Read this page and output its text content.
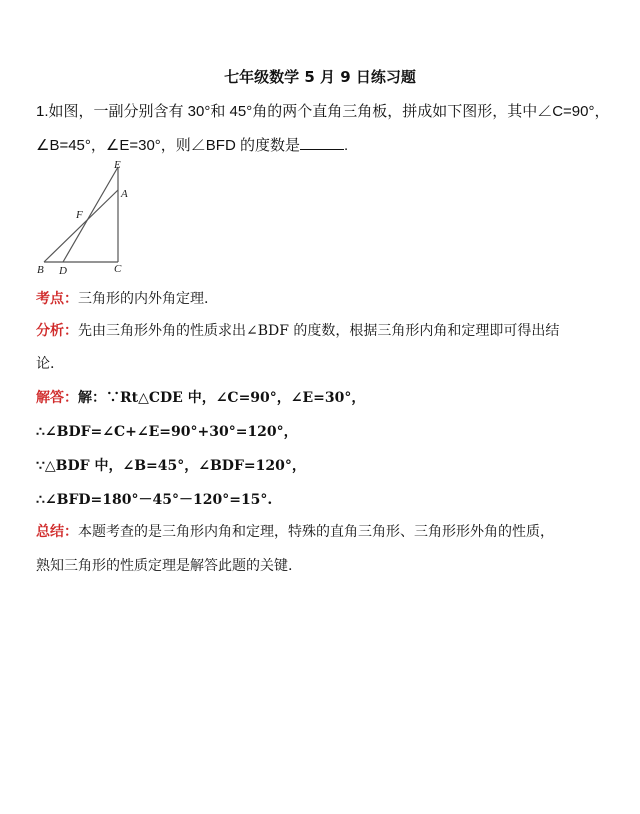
七年级数学 5 月 9 日练习题
1.如图，一副分别含有 30°和 45°角的两个直角三角板，拼成如下图形，其中∠C=90°，
∠B=45°，∠E=30°，则∠BFD 的度数是	.
E
A
F
B D	C
考点：三角形的内外角定理.
分析：先由三角形外角的性质求出∠BDF 的度数，根据三角形内角和定理即可得出结
论.
解答：解：∵Rt△CDE 中，∠C=90°，∠E=30°，
∴∠BDF=∠C+∠E=90°+30°=120°，
∵△BDF 中，∠B=45°，∠BDF=120°，
∴∠BFD=180°－45°－120°=15°.
总结：本题考查的是三角形内角和定理，特殊的直角三角形、三角形形外角的性质，
熟知三角形的性质定理是解答此题的关键.
